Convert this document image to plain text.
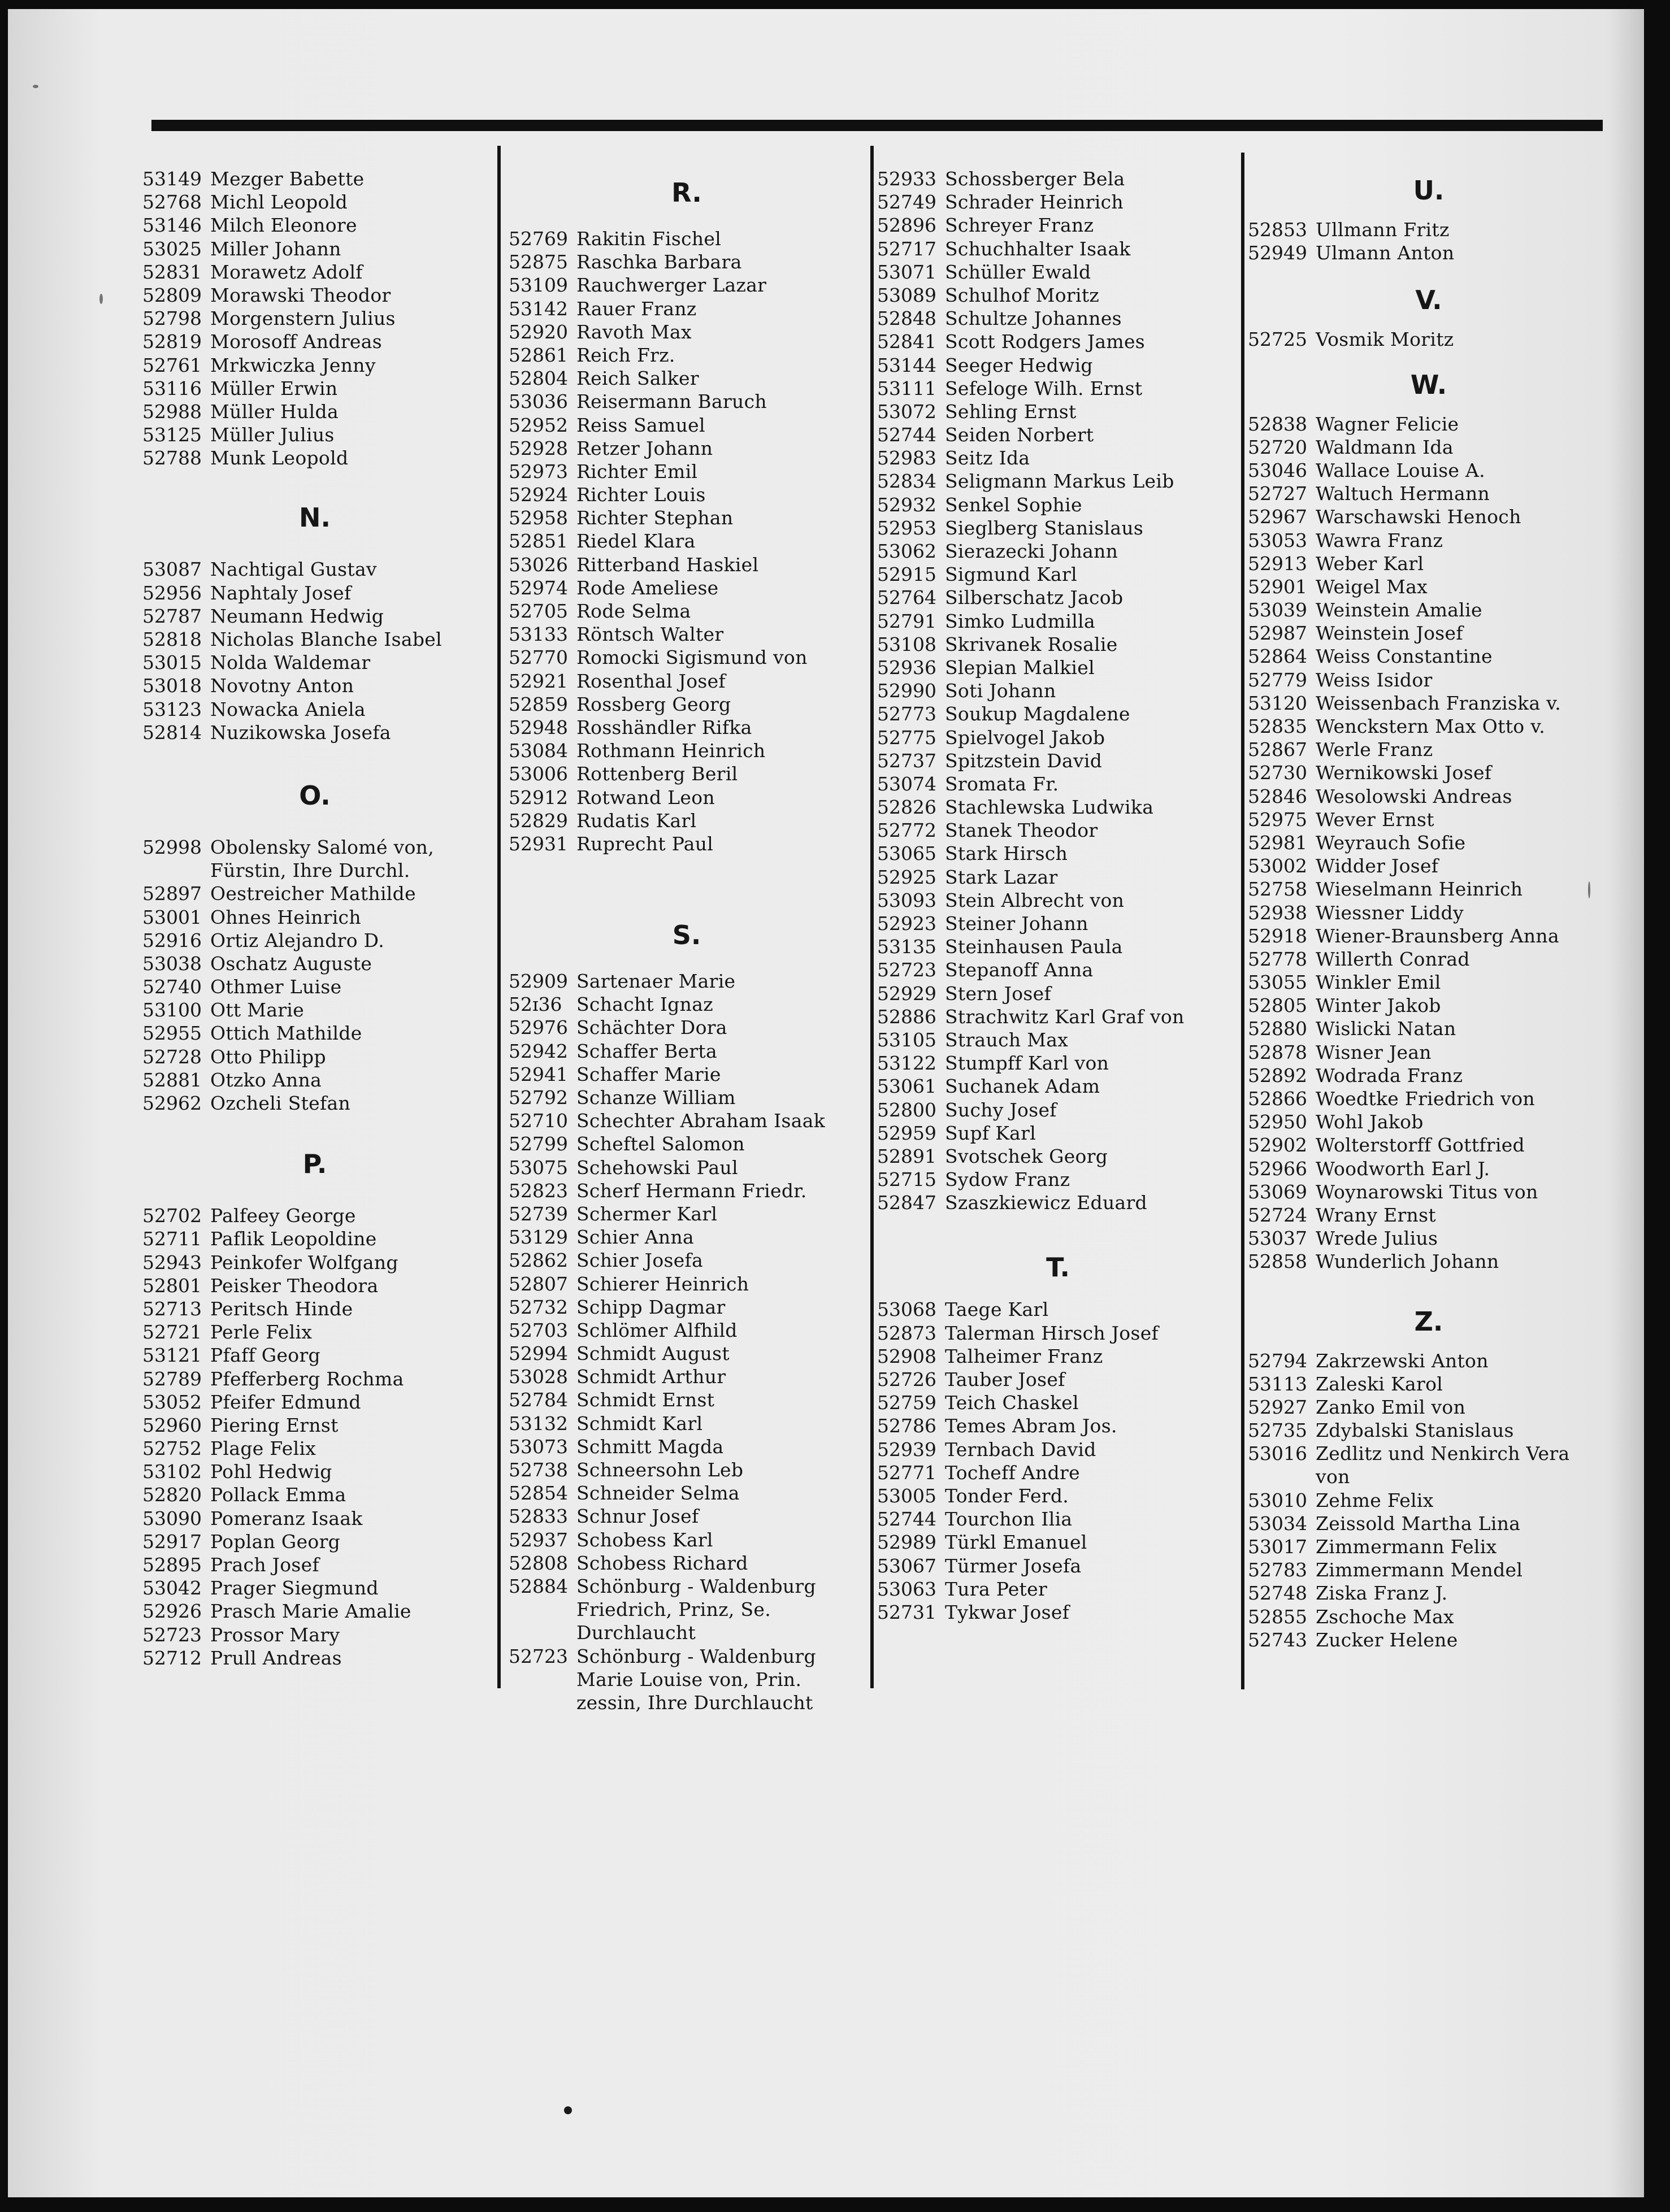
53149 Mezger Babette
52768 Michl Leopold
53146 Milch Eleonore
53025 Miller Johann
52831 Morawetz Adolf
52809 Morawski Theodor
52798 Morgenstern Julius
52819 Morosoff Andreas
52761 Mrkwiczka Jenny
53116 Müller Erwin
52988 Müller Hulda
53125 Müller Julius
52788 Munk Leopold
N.
53087 Nachtigal Gustav
52956 Naphtaly Josef
52787 Neumann Hedwig
52818 Nicholas Blanche Isabel
53015 Nolda Waldemar
53018 Novotny Anton
53123 Nowacka Aniela
52814 Nuzikowska Josefa
O.
52998 Obolensky Salomé von,
Fürstin, Ihre Durchl.
52897 Oestreicher Mathilde
53001 Ohnes Heinrich
52916 Ortiz Alejandro D.
53038 Oschatz Auguste
52740 Othmer Luise
53100 Ott Marie
52955 Ottich Mathilde
52728 Otto Philipp
52881 Otzko Anna
52962 Ozcheli Stefan
P.
52702 Palfeey George
52711 Paflik Leopoldine
52943 Peinkofer Wolfgang
52801 Peisker Theodora
52713 Peritsch Hinde
52721 Perle Felix
53121 Pfaff Georg
52789 Pfefferberg Rochma
53052 Pfeifer Edmund
52960 Piering Ernst
52752 Plage Felix
53102 Pohl Hedwig
52820 Pollack Emma
53090 Pomeranz Isaak
52917 Poplan Georg
52895 Prach Josef
53042 Prager Siegmund
52926 Prasch Marie Amalie
52723 Prossor Mary
52712 Prull Andreas
R.
52769 Rakitin Fischel
52875 Raschka Barbara
53109 Rauchwerger Lazar
53142 Rauer Franz
52920 Ravoth Max
52861 Reich Frz.
52804 Reich Salker
53036 Reisermann Baruch
52952 Reiss Samuel
52928 Retzer Johann
52973 Richter Emil
52924 Richter Louis
52958 Richter Stephan
52851 Riedel Klara
53026 Ritterband Haskiel
52974 Rode Ameliese
52705 Rode Selma
53133 Röntsch Walter
52770 Romocki Sigismund von
52921 Rosenthal Josef
52859 Rossberg Georg
52948 Rosshändler Rifka
53084 Rothmann Heinrich
53006 Rottenberg Beril
52912 Rotwand Leon
52829 Rudatis Karl
52931 Ruprecht Paul
S.
52909 Sartenaer Marie
52ɪ36 Schacht Ignaz
52976 Schächter Dora
52942 Schaffer Berta
52941 Schaffer Marie
52792 Schanze William
52710 Schechter Abraham Isaak
52799 Scheftel Salomon
53075 Schehowski Paul
52823 Scherf Hermann Friedr.
52739 Schermer Karl
53129 Schier Anna
52862 Schier Josefa
52807 Schierer Heinrich
52732 Schipp Dagmar
52703 Schlömer Alfhild
52994 Schmidt August
53028 Schmidt Arthur
52784 Schmidt Ernst
53132 Schmidt Karl
53073 Schmitt Magda
52738 Schneersohn Leb
52854 Schneider Selma
52833 Schnur Josef
52937 Schobess Karl
52808 Schobess Richard
52884 Schönburg - Waldenburg
Friedrich, Prinz, Se.
Durchlaucht
52723 Schönburg - Waldenburg
Marie Louise von, Prin.
zessin, Ihre Durchlaucht
52933 Schossberger Bela
52749 Schrader Heinrich
52896 Schreyer Franz
52717 Schuchhalter Isaak
53071 Schüller Ewald
53089 Schulhof Moritz
52848 Schultze Johannes
52841 Scott Rodgers James
53144 Seeger Hedwig
53111 Sefeloge Wilh. Ernst
53072 Sehling Ernst
52744 Seiden Norbert
52983 Seitz Ida
52834 Seligmann Markus Leib
52932 Senkel Sophie
52953 Sieglberg Stanislaus
53062 Sierazecki Johann
52915 Sigmund Karl
52764 Silberschatz Jacob
52791 Simko Ludmilla
53108 Skrivanek Rosalie
52936 Slepian Malkiel
52990 Soti Johann
52773 Soukup Magdalene
52775 Spielvogel Jakob
52737 Spitzstein David
53074 Sromata Fr.
52826 Stachlewska Ludwika
52772 Stanek Theodor
53065 Stark Hirsch
52925 Stark Lazar
53093 Stein Albrecht von
52923 Steiner Johann
53135 Steinhausen Paula
52723 Stepanoff Anna
52929 Stern Josef
52886 Strachwitz Karl Graf von
53105 Strauch Max
53122 Stumpff Karl von
53061 Suchanek Adam
52800 Suchy Josef
52959 Supf Karl
52891 Svotschek Georg
52715 Sydow Franz
52847 Szaszkiewicz Eduard
T.
53068 Taege Karl
52873 Talerman Hirsch Josef
52908 Talheimer Franz
52726 Tauber Josef
52759 Teich Chaskel
52786 Temes Abram Jos.
52939 Ternbach David
52771 Tocheff Andre
53005 Tonder Ferd.
52744 Tourchon Ilia
52989 Türkl Emanuel
53067 Türmer Josefa
53063 Tura Peter
52731 Tykwar Josef
U.
52853 Ullmann Fritz
52949 Ulmann Anton
V.
52725 Vosmik Moritz
W.
52838 Wagner Felicie
52720 Waldmann Ida
53046 Wallace Louise A.
52727 Waltuch Hermann
52967 Warschawski Henoch
53053 Wawra Franz
52913 Weber Karl
52901 Weigel Max
53039 Weinstein Amalie
52987 Weinstein Josef
52864 Weiss Constantine
52779 Weiss Isidor
53120 Weissenbach Franziska v.
52835 Wenckstern Max Otto v.
52867 Werle Franz
52730 Wernikowski Josef
52846 Wesolowski Andreas
52975 Wever Ernst
52981 Weyrauch Sofie
53002 Widder Josef
52758 Wieselmann Heinrich
52938 Wiessner Liddy
52918 Wiener-Braunsberg Anna
52778 Willerth Conrad
53055 Winkler Emil
52805 Winter Jakob
52880 Wislicki Natan
52878 Wisner Jean
52892 Wodrada Franz
52866 Woedtke Friedrich von
52950 Wohl Jakob
52902 Wolterstorff Gottfried
52966 Woodworth Earl J.
53069 Woynarowski Titus von
52724 Wrany Ernst
53037 Wrede Julius
52858 Wunderlich Johann
Z.
52794 Zakrzewski Anton
53113 Zaleski Karol
52927 Zanko Emil von
52735 Zdybalski Stanislaus
53016 Zedlitz und Nenkirch Vera
von
53010 Zehme Felix
53034 Zeissold Martha Lina
53017 Zimmermann Felix
52783 Zimmermann Mendel
52748 Ziska Franz J.
52855 Zschoche Max
52743 Zucker Helene
